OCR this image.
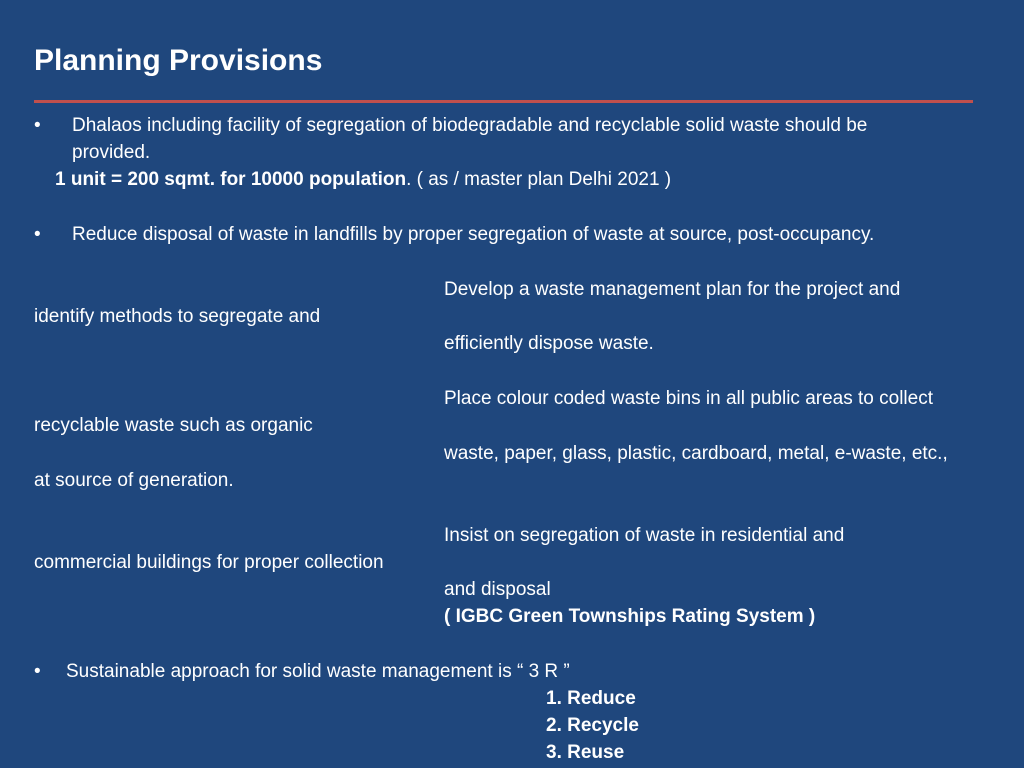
Planning Provisions
• Dhalaos including facility of segregation of biodegradable and recyclable solid waste should be
provided.
1 unit = 200 sqmt. for 10000 population. ( as / master plan Delhi 2021 )
• Reduce disposal of waste in landfills by proper segregation of waste at source, post-occupancy.
Develop a waste management plan for the project and
identify methods to segregate and
efficiently dispose waste.
Place colour coded waste bins in all public areas to collect
recyclable waste such as organic
waste, paper, glass, plastic, cardboard, metal, e-waste, etc.,
at source of generation.
Insist on segregation of waste in residential and
commercial buildings for proper collection
and disposal
( IGBC Green Townships Rating System )
• Sustainable approach for solid waste management is “ 3 R ”
1. Reduce
2. Recycle
3. Reuse
